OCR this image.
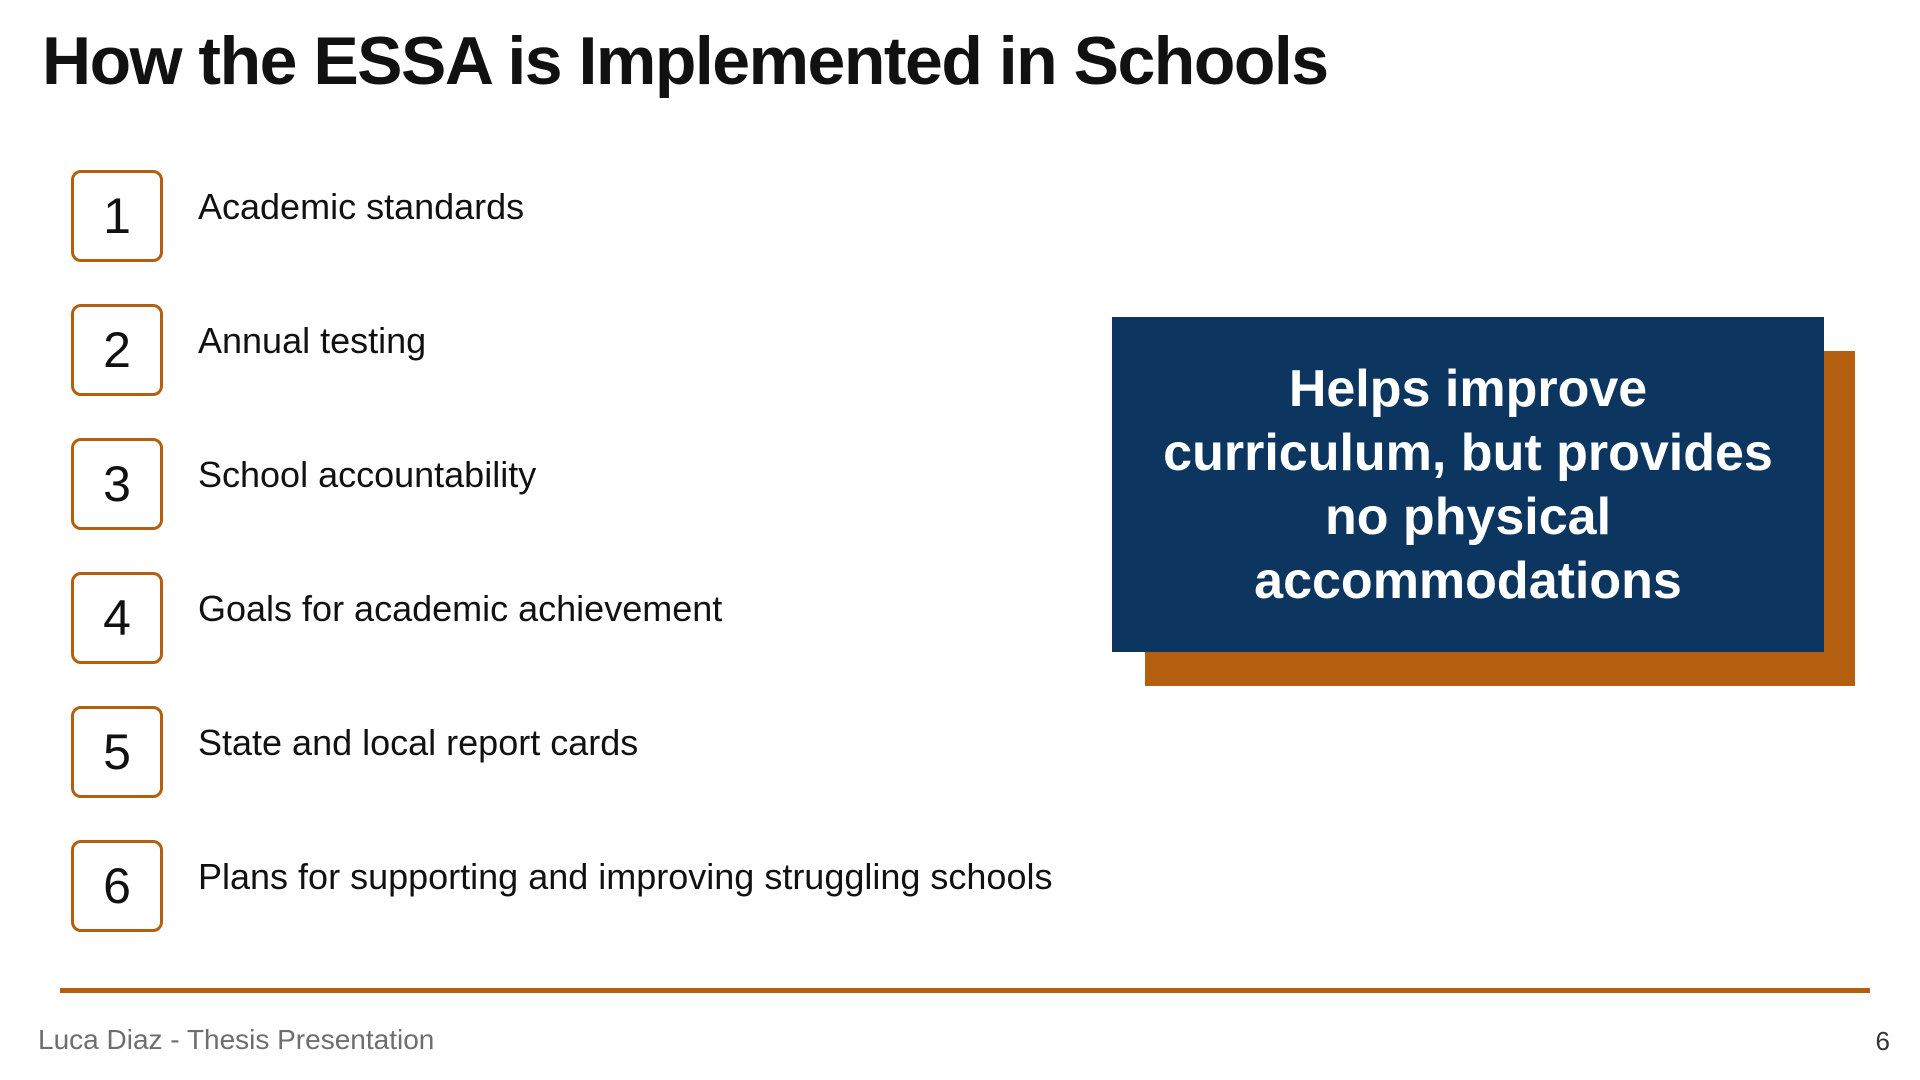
How the ESSA is Implemented in Schools
1	Academic standards
2	Annual testing
3	School accountability
4	Goals for academic achievement
5	State and local report cards
6	Plans for supporting and improving struggling schools
Helps improve curriculum, but provides no physical accommodations
Luca Diaz - Thesis Presentation	6
